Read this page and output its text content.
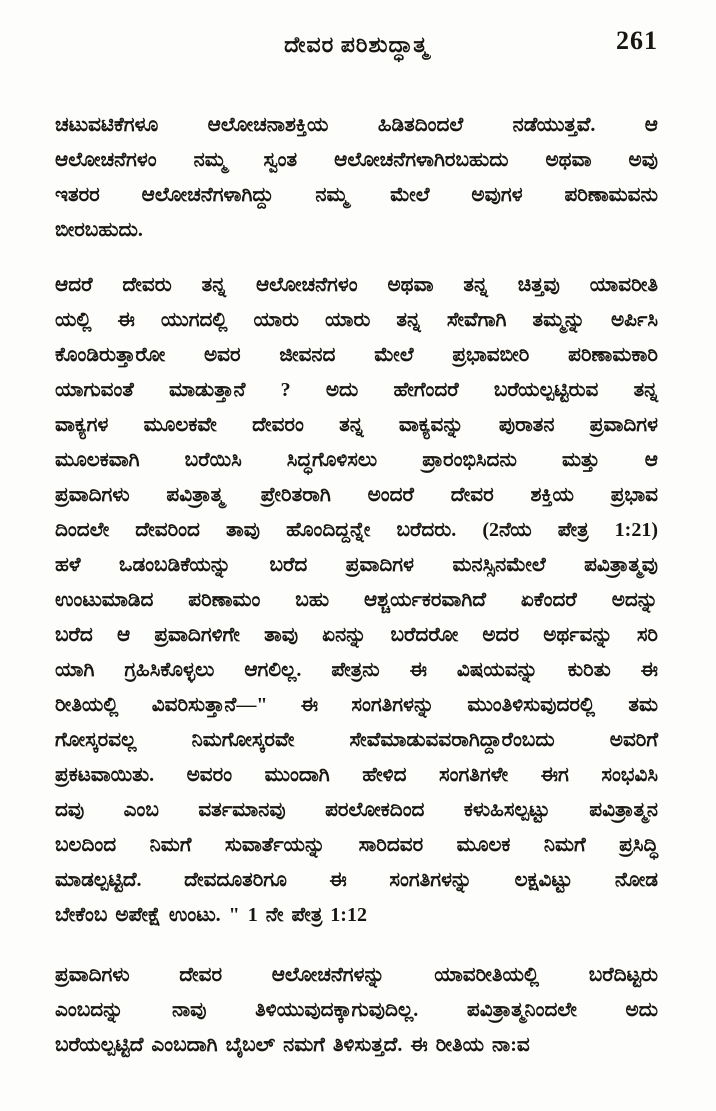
ದೇವರ ಪರಿಶುದ್ಧಾತ್ಮ	261
ಚಟುವಟಿಕೆಗಳೂ ಆಲೋಚನಾಶಕ್ತಿಯ ಹಿಡಿತದಿಂದಲೆ ನಡೆಯುತ್ತವೆ. ಆ
ಆಲೋಚನೆಗಳಂ ನಮ್ಮ ಸ್ವಂತ ಆಲೋಚನೆಗಳಾಗಿರಬಹುದು ಅಥವಾ ಅವು
ಇತರರ ಆಲೋಚನೆಗಳಾಗಿದ್ದು ನಮ್ಮ ಮೇಲೆ ಅವುಗಳ ಪರಿಣಾಮವನು
ಬೀರಬಹುದು.
ಆದರೆ ದೇವರು ತನ್ನ ಆಲೋಚನೆಗಳಂ ಅಥವಾ ತನ್ನ ಚಿತ್ತವು ಯಾವರೀತಿ
ಯಲ್ಲಿ ಈ ಯುಗದಲ್ಲಿ ಯಾರು ಯಾರು ತನ್ನ ಸೇವೆಗಾಗಿ ತಮ್ಮನ್ನು ಅರ್ಪಿಸಿ
ಕೊಂಡಿರುತ್ತಾರೋ ಅವರ ಜೀವನದ ಮೇಲೆ ಪ್ರಭಾವಬೀರಿ ಪರಿಣಾಮಕಾರಿ
ಯಾಗುವಂತೆ ಮಾಡುತ್ತಾನೆ ? ಅದು ಹೇಗೆಂದರೆ ಬರೆಯಲ್ಪಟ್ಟಿರುವ ತನ್ನ
ವಾಕ್ಯಗಳ ಮೂಲಕವೇ ದೇವರಂ ತನ್ನ ವಾಕ್ಯವನ್ನು ಪುರಾತನ ಪ್ರವಾದಿಗಳ
ಮೂಲಕವಾಗಿ ಬರೆಯಿಸಿ ಸಿದ್ಧಗೊಳಿಸಲು ಪ್ರಾರಂಭಿಸಿದನು ಮತ್ತು ಆ
ಪ್ರವಾದಿಗಳು ಪವಿತ್ರಾತ್ಮ ಪ್ರೇರಿತರಾಗಿ ಅಂದರೆ ದೇವರ ಶಕ್ತಿಯ ಪ್ರಭಾವ
ದಿಂದಲೇ ದೇವರಿಂದ ತಾವು ಹೊಂದಿದ್ದನ್ನೇ ಬರೆದರು. (2ನೆಯ ಪೇತ್ರ 1:21)
ಹಳೆ ಒಡಂಬಡಿಕೆಯನ್ನು ಬರೆದ ಪ್ರವಾದಿಗಳ ಮನಸ್ಸಿನಮೇಲೆ ಪವಿತ್ರಾತ್ಮವು
ಉಂಟುಮಾಡಿದ ಪರಿಣಾಮಂ ಬಹು ಆಶ್ಚರ್ಯಕರವಾಗಿದೆ ಏಕೆಂದರೆ ಅದನ್ನು
ಬರೆದ ಆ ಪ್ರವಾದಿಗಳಿಗೇ ತಾವು ಏನನ್ನು ಬರೆದರೋ ಅದರ ಅರ್ಥವನ್ನು ಸರಿ
ಯಾಗಿ ಗ್ರಹಿಸಿಕೊಳ್ಳಲು ಆಗಲಿಲ್ಲ. ಪೇತ್ರನು ಈ ವಿಷಯವನ್ನು ಕುರಿತು ಈ
ರೀತಿಯಲ್ಲಿ ವಿವರಿಸುತ್ತಾನೆ—" ಈ ಸಂಗತಿಗಳನ್ನು ಮುಂತಿಳಿಸುವುದರಲ್ಲಿ ತಮ
ಗೋಸ್ಕರವಲ್ಲ ನಿಮಗೋಸ್ಕರವೇ ಸೇವೆಮಾಡುವವರಾಗಿದ್ದಾರೆಂಬದು ಅವರಿಗೆ
ಪ್ರಕಟವಾಯಿತು. ಅವರಂ ಮುಂದಾಗಿ ಹೇಳಿದ ಸಂಗತಿಗಳೇ ಈಗ ಸಂಭವಿಸಿ
ದವು ಎಂಬ ವರ್ತಮಾನವು ಪರಲೋಕದಿಂದ ಕಳುಹಿಸಲ್ಪಟ್ಟು ಪವಿತ್ರಾತ್ಮನ
ಬಲದಿಂದ ನಿಮಗೆ ಸುವಾರ್ತೆಯನ್ನು ಸಾರಿದವರ ಮೂಲಕ ನಿಮಗೆ ಪ್ರಸಿದ್ಧಿ
ಮಾಡಲ್ಪಟ್ಟಿದೆ. ದೇವದೂತರಿಗೂ ಈ ಸಂಗತಿಗಳನ್ನು ಲಕ್ಷವಿಟ್ಟು ನೋಡ
ಬೇಕೆಂಬ ಅಪೇಕ್ಷೆ ಉಂಟು. " 1 ನೇ ಪೇತ್ರ 1:12
ಪ್ರವಾದಿಗಳು ದೇವರ ಆಲೋಚನೆಗಳನ್ನು ಯಾವರೀತಿಯಲ್ಲಿ ಬರೆದಿಟ್ಟರು
ಎಂಬದನ್ನು ನಾವು ತಿಳಿಯುವುದಕ್ಕಾಗುವುದಿಲ್ಲ. ಪವಿತ್ರಾತ್ಮನಿಂದಲೇ ಅದು
ಬರೆಯಲ್ಪಟ್ಟಿದೆ ಎಂಬದಾಗಿ ಬೈಬಲ್ ನಮಗೆ ತಿಳಿಸುತ್ತದೆ. ಈ ರೀತಿಯ ನಾ:ವ
